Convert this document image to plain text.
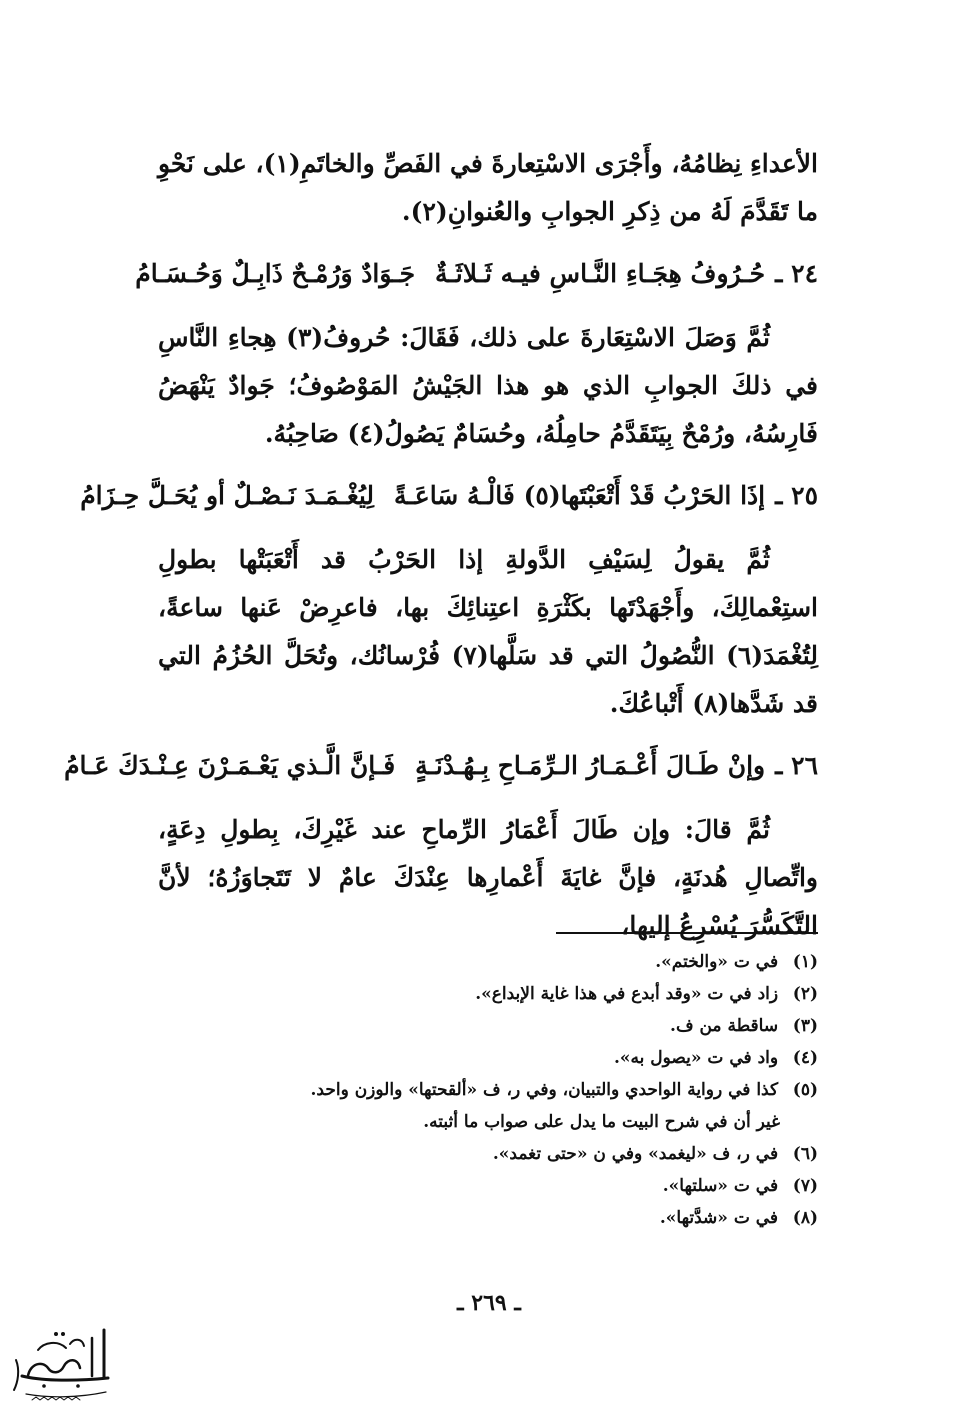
الأعداءِ نِظامُهُ، وأَجْرَى الاسْتِعارةَ في الفَصِّ والخاتَمِ(١)، على نَحْوِ ما تَقَدَّمَ لَهُ من ذِكرِ الجوابِ والعُنوانِ(٢).

٢٤ ـ
حُـرُوفُ هِجَـاءِ النَّـاسِ فيـه ثَـلاثَـةٌ
جَـوَادٌ وَرُمْـحٌ ذَابِـلٌ وَحُـسَـامُ

ثُمَّ وَصَلَ الاسْتِعَارةَ على ذلك، فَقَالَ: حُروفُ(٣) هِجاءِ النَّاسِ في ذلكَ الجوابِ الذي هو هذا الجَيْشُ المَوْصُوفُ؛ جَوادٌ يَنْهَضُ فَارِسُهُ، ورُمْحٌ بِيَتَقَدَّمُ حامِلُهُ، وحُسَامٌ يَصُولُ(٤) صَاحِبُهُ.

٢٥ ـ
إذَا الحَرْبُ قَدْ أَتْعَبْتَها(٥) فَالْـهُ سَاعَـةً
لِيُغْـمَـدَ نَـصْـلٌ أو يُحَـلَّ حِـزَامُ

ثُمَّ يقولُ لِسَيْفِ الدَّولةِ إذا الحَرْبُ قد أَتْعَبَتْها بطولِ استِعْمالِكَ، وأَجْهَدْتَها بكَثْرَةِ اعتِنائِكَ بها، فاعرِضْ عَنها ساعةً، لِتُغْمَدَ(٦) النُّصُولُ التي قد سَلَّها(٧) فُرْسانُك، وتُحَلَّ الحُزُمُ التي قد شَدَّها(٨) أَتْباعُكَ.

٢٦ ـ
وإنْ طَـالَ أَعْـمَـارُ الـرِّمَـاحِ بِـهُـدْنَـةٍ
فَـإنَّ الَّـذي يَعْـمَـرْنَ عِـنْـدَكَ عَـامُ

ثُمَّ قالَ: وإن طَالَ أَعْمَارُ الرِّماحِ عند غَيْرِكَ، بِطولِ دِعَةٍ، واتِّصالِ هُدنَةٍ، فإنَّ غايَةَ أَعْمارِها عِنْدَكَ عامٌ لا تَتَجاوَزُهُ؛ لأنَّ التَّكَسُّرَ يُسْرِعُ إليها،

(١) في ت «والختم».

(٢) زاد في ت «وقد أبدع في هذا غاية الإبداع».

(٣) ساقطة من ف.

(٤) واد في ت «يصول به».

(٥) كذا في رواية الواحدي والتبيان، وفي ر، ف «ألقحتها» والوزن واحد.

غير أن في شرح البيت ما يدل على صواب ما أثبته.

(٦) في ر، ف «ليغمد» وفي ن «حتى تغمد».

(٧) في ت «سلتها».

(٨) في ت «شدَّتها».

ـ ٢٦٩ ـ
